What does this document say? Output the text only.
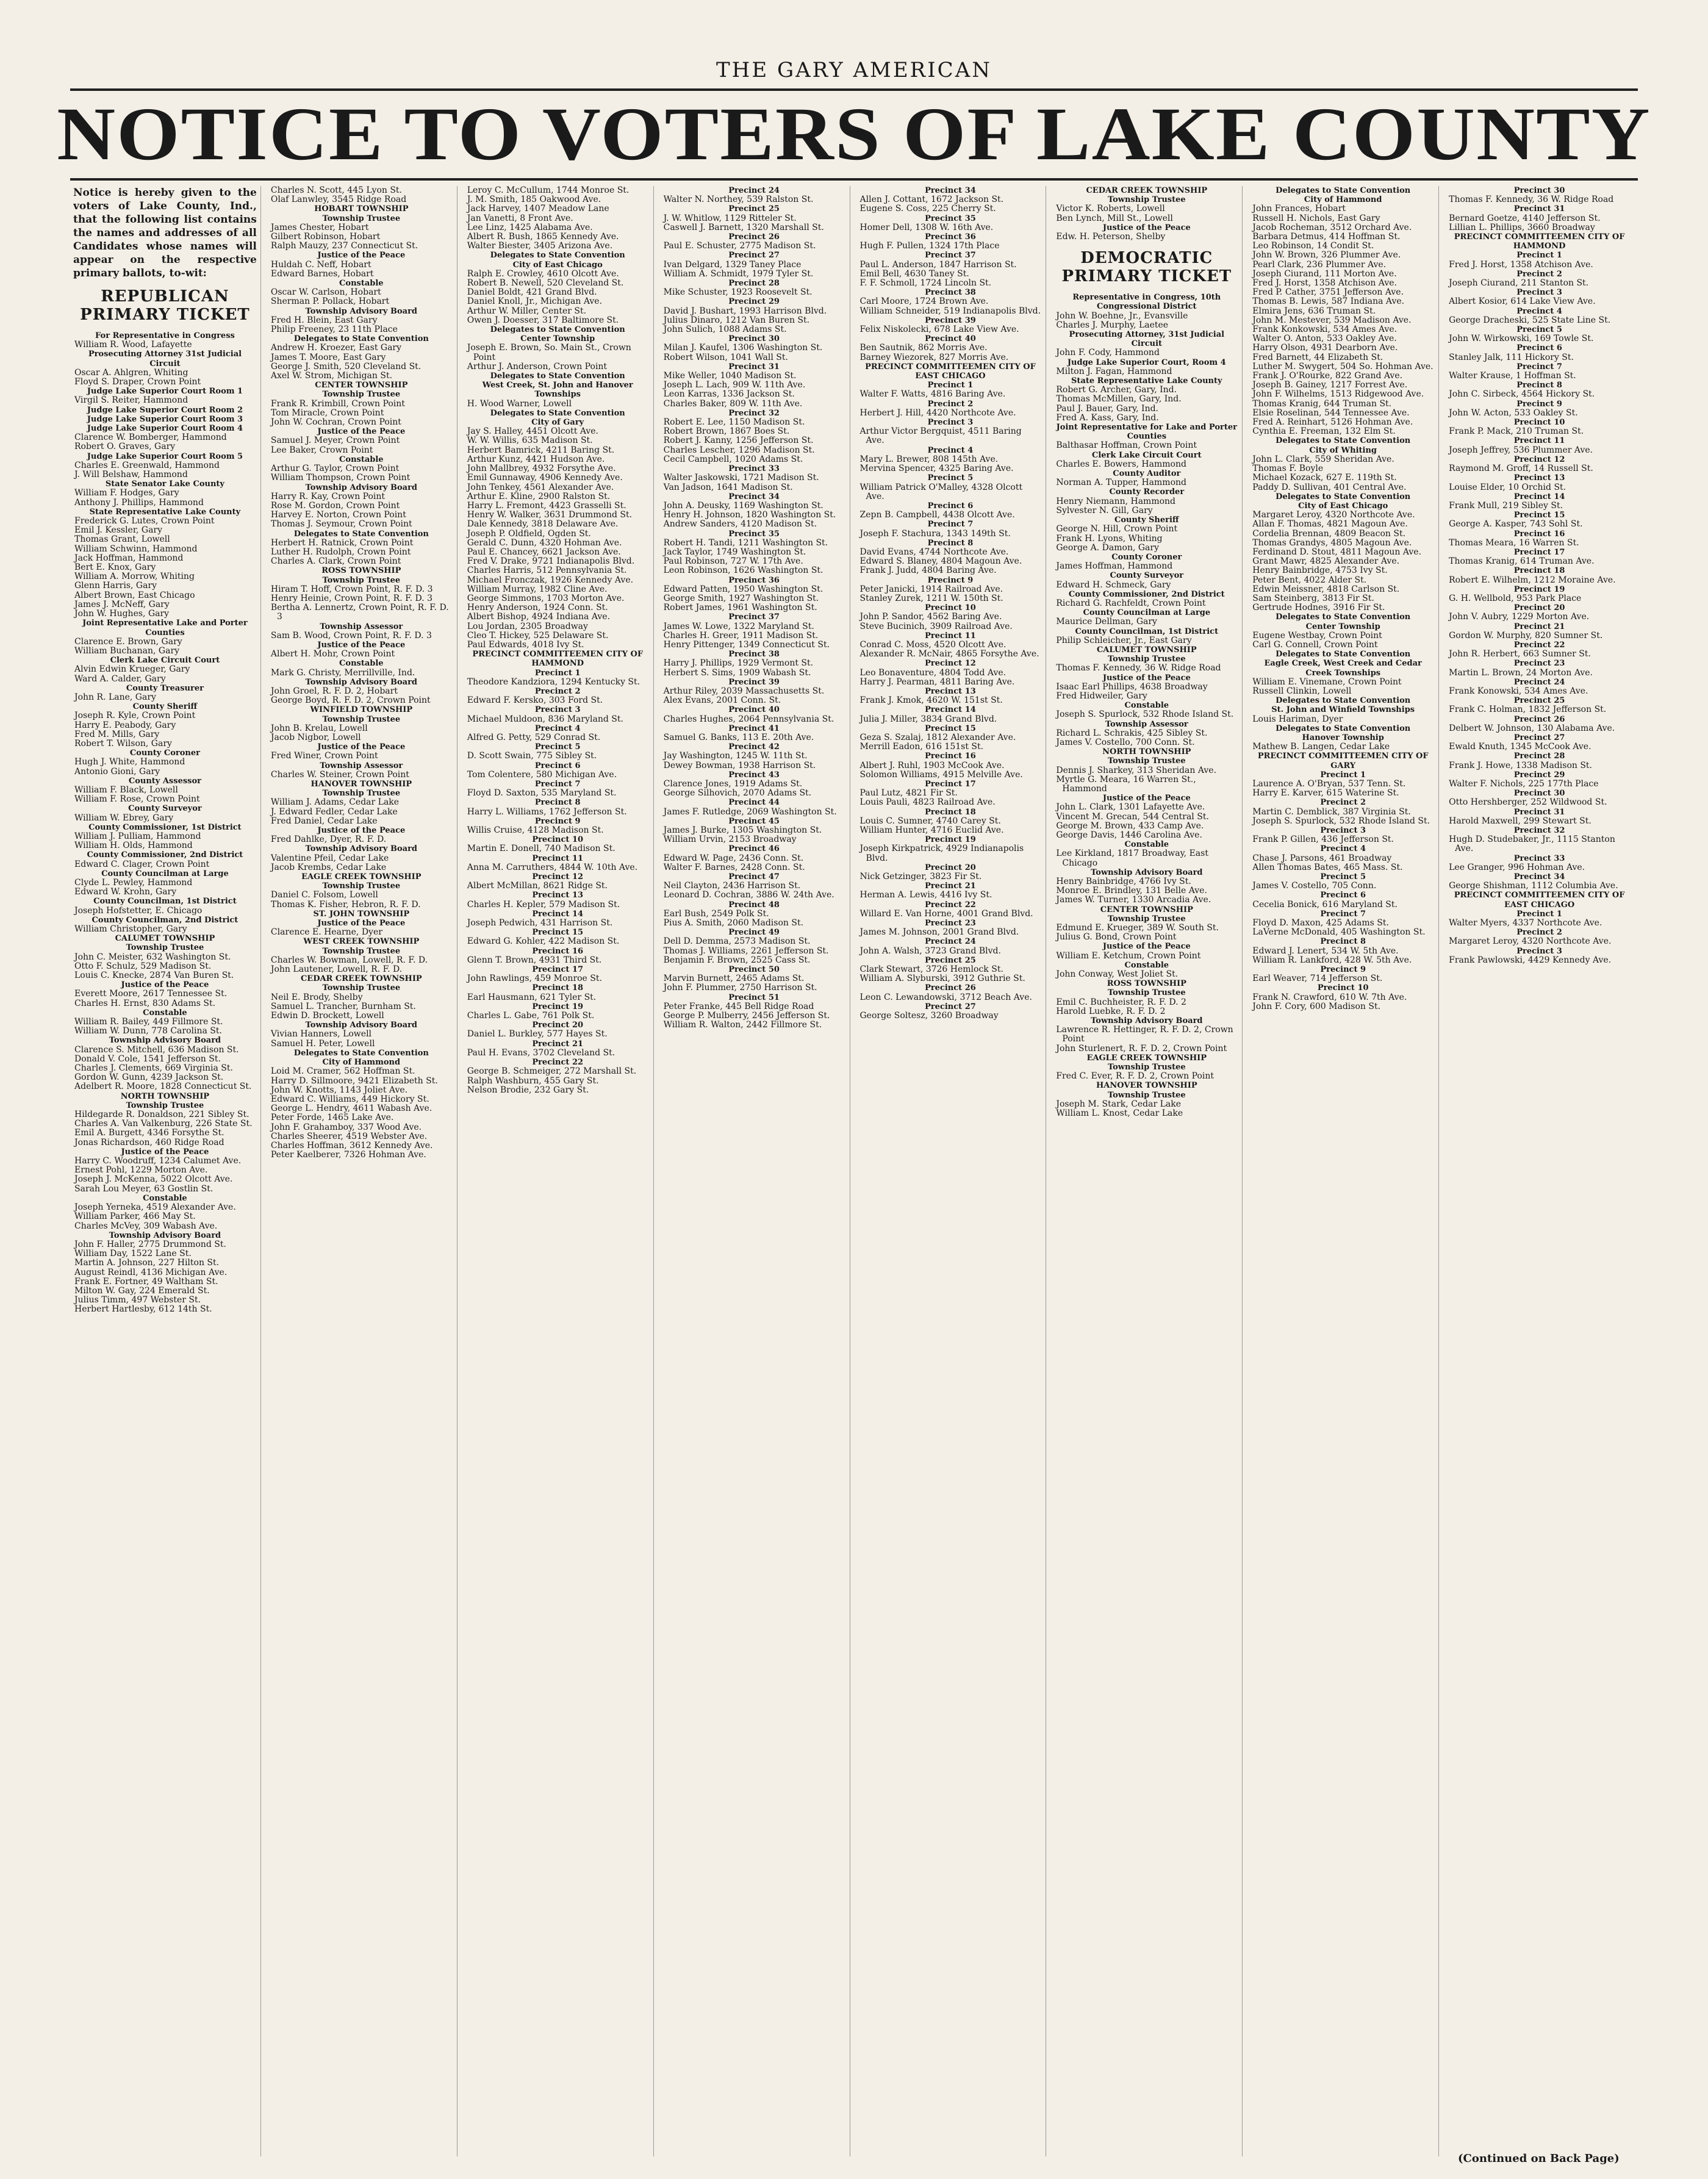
THE GARY AMERICAN
NOTICE TO VOTERS OF LAKE COUNTY

Notice is hereby given to the voters of Lake County, Ind., that the following list contains the names and addresses of all Candidates whose names will appear on the respective primary ballots, to-wit:

REPUBLICAN PRIMARY TICKET

For Representative in Congress

William R. Wood, Lafayette

Prosecuting Attorney 31st Judicial Circuit

Oscar A. Ahlgren, Whiting

Floyd S. Draper, Crown Point

Judge Lake Superior Court Room 1

Virgil S. Reiter, Hammond

Judge Lake Superior Court Room 2

Judge Lake Superior Court Room 3

Judge Lake Superior Court Room 4

Clarence W. Bomberger, Hammond

Robert O. Graves, Gary

Judge Lake Superior Court Room 5

Charles E. Greenwald, Hammond

J. Will Belshaw, Hammond

State Senator Lake County

William F. Hodges, Gary

Anthony J. Phillips, Hammond

State Representative Lake County

Frederick G. Lutes, Crown Point

Emil J. Kessler, Gary

Thomas Grant, Lowell

William Schwinn, Hammond

Jack Hoffman, Hammond

Bert E. Knox, Gary

William A. Morrow, Whiting

Glenn Harris, Gary

Albert Brown, East Chicago

James J. McNeff, Gary

John W. Hughes, Gary

Joint Representative Lake and Porter Counties

Clarence E. Brown, Gary

William Buchanan, Gary

Clerk Lake Circuit Court

Alvin Edwin Krueger, Gary

Ward A. Calder, Gary

County Treasurer

John R. Lane, Gary

County Sheriff

Joseph R. Kyle, Crown Point

Harry E. Peabody, Gary

Fred M. Mills, Gary

Robert T. Wilson, Gary

County Coroner

Hugh J. White, Hammond

Antonio Gioni, Gary

County Assessor

William F. Black, Lowell

William F. Rose, Crown Point

County Surveyor

William W. Ebrey, Gary

County Commissioner, 1st District

William J. Pulliam, Hammond

William H. Olds, Hammond

County Commissioner, 2nd District

Edward C. Clager, Crown Point

County Councilman at Large

Clyde L. Pewley, Hammond

Edward W. Krohn, Gary

County Councilman, 1st District

Joseph Hofstetter, E. Chicago

County Councilman, 2nd District

William Christopher, Gary

CALUMET TOWNSHIP

Township Trustee

John C. Meister, 632 Washington St.

Otto F. Schulz, 529 Madison St.

Louis C. Knecke, 2874 Van Buren St.

Justice of the Peace

Everett Moore, 2617 Tennessee St.

Charles H. Ernst, 830 Adams St.

Constable

William R. Bailey, 449 Fillmore St.

William W. Dunn, 778 Carolina St.

Township Advisory Board

Clarence S. Mitchell, 636 Madison St.

Donald V. Cole, 1541 Jefferson St.

Charles J. Clements, 669 Virginia St.

Gordon W. Gunn, 4239 Jackson St.

Adelbert R. Moore, 1828 Connecticut St.

NORTH TOWNSHIP

Township Trustee

Hildegarde R. Donaldson, 221 Sibley St.

Charles A. Van Valkenburg, 226 State St.

Emil A. Burgett, 4346 Forsythe St.

Jonas Richardson, 460 Ridge Road

Justice of the Peace

Harry C. Woodruff, 1234 Calumet Ave.

Ernest Pohl, 1229 Morton Ave.

Joseph J. McKenna, 5022 Olcott Ave.

Sarah Lou Meyer, 63 Gostlin St.

Constable

Joseph Yerneka, 4519 Alexander Ave.

William Parker, 466 May St.

Charles McVey, 309 Wabash Ave.

Township Advisory Board

John F. Haller, 2775 Drummond St.

William Day, 1522 Lane St.

Martin A. Johnson, 227 Hilton St.

August Reindl, 4136 Michigan Ave.

Frank E. Fortner, 49 Waltham St.

Milton W. Gay, 224 Emerald St.

Julius Timm, 497 Webster St.

Herbert Hartlesby, 612 14th St.

Charles N. Scott, 445 Lyon St.

Olaf Lanwley, 3545 Ridge Road

HOBART TOWNSHIP

Township Trustee

James Chester, Hobart

Gilbert Robinson, Hobart

Ralph Mauzy, 237 Connecticut St.

Justice of the Peace

Huldah C. Neff, Hobart

Edward Barnes, Hobart

Constable

Oscar W. Carlson, Hobart

Sherman P. Pollack, Hobart

Township Advisory Board

Fred H. Blein, East Gary

Philip Freeney, 23 11th Place

Delegates to State Convention

Andrew H. Kroezer, East Gary

James T. Moore, East Gary

George J. Smith, 520 Cleveland St.

Axel W. Strom, Michigan St.

CENTER TOWNSHIP

Township Trustee

Frank R. Krimbill, Crown Point

Tom Miracle, Crown Point

John W. Cochran, Crown Point

Justice of the Peace

Samuel J. Meyer, Crown Point

Lee Baker, Crown Point

Constable

Arthur G. Taylor, Crown Point

William Thompson, Crown Point

Township Advisory Board

Harry R. Kay, Crown Point

Rose M. Gordon, Crown Point

Harvey E. Norton, Crown Point

Thomas J. Seymour, Crown Point

Delegates to State Convention

Herbert H. Ratnick, Crown Point

Luther H. Rudolph, Crown Point

Charles A. Clark, Crown Point

ROSS TOWNSHIP

Township Trustee

Hiram T. Hoff, Crown Point, R. F. D. 3

Henry Heinie, Crown Point, R. F. D. 3

Bertha A. Lennertz, Crown Point, R. F. D. 3

Township Assessor

Sam B. Wood, Crown Point, R. F. D. 3

Justice of the Peace

Albert H. Mohr, Crown Point

Constable

Mark G. Christy, Merrillville, Ind.

Township Advisory Board

John Groel, R. F. D. 2, Hobart

George Boyd, R. F. D. 2, Crown Point

WINFIELD TOWNSHIP

Township Trustee

John B. Krelau, Lowell

Jacob Nigbor, Lowell

Justice of the Peace

Fred Winer, Crown Point

Township Assessor

Charles W. Steiner, Crown Point

HANOVER TOWNSHIP

Township Trustee

William J. Adams, Cedar Lake

J. Edward Fedler, Cedar Lake

Fred Daniel, Cedar Lake

Justice of the Peace

Fred Dahlke, Dyer, R. F. D.

Township Advisory Board

Valentine Pfeil, Cedar Lake

Jacob Krembs, Cedar Lake

EAGLE CREEK TOWNSHIP

Township Trustee

Daniel C. Folsom, Lowell

Thomas K. Fisher, Hebron, R. F. D.

ST. JOHN TOWNSHIP

Justice of the Peace

Clarence E. Hearne, Dyer

WEST CREEK TOWNSHIP

Township Trustee

Charles W. Bowman, Lowell, R. F. D.

John Lautener, Lowell, R. F. D.

CEDAR CREEK TOWNSHIP

Township Trustee

Neil E. Brody, Shelby

Samuel L. Trancher, Burnham St.

Edwin D. Brockett, Lowell

Township Advisory Board

Vivian Hanners, Lowell

Samuel H. Peter, Lowell

Delegates to State Convention

City of Hammond

Loid M. Cramer, 562 Hoffman St.

Harry D. Sillmoore, 9421 Elizabeth St.

John W. Knotts, 1143 Joliet Ave.

Edward C. Williams, 449 Hickory St.

George L. Hendry, 4611 Wabash Ave.

Peter Forde, 1465 Lake Ave.

John F. Grahamboy, 337 Wood Ave.

Charles Sheerer, 4519 Webster Ave.

Charles Hoffman, 3612 Kennedy Ave.

Peter Kaelberer, 7326 Hohman Ave.

Leroy C. McCullum, 1744 Monroe St.

J. M. Smith, 185 Oakwood Ave.

Jack Harvey, 1407 Meadow Lane

Jan Vanetti, 8 Front Ave.

Lee Linz, 1425 Alabama Ave.

Albert R. Bush, 1865 Kennedy Ave.

Walter Biester, 3405 Arizona Ave.

Delegates to State Convention

City of East Chicago

Ralph E. Crowley, 4610 Olcott Ave.

Robert B. Newell, 520 Cleveland St.

Daniel Boldt, 421 Grand Blvd.

Daniel Knoll, Jr., Michigan Ave.

Arthur W. Miller, Center St.

Owen J. Doesser, 317 Baltimore St.

Delegates to State Convention

Center Township

Joseph E. Brown, So. Main St., Crown Point

Arthur J. Anderson, Crown Point

Delegates to State Convention

West Creek, St. John and Hanover Townships

H. Wood Warner, Lowell

Delegates to State Convention

City of Gary

Jay S. Halley, 4451 Olcott Ave.

W. W. Willis, 635 Madison St.

Herbert Bamrick, 4211 Baring St.

Arthur Kunz, 4421 Hudson Ave.

John Mallbrey, 4932 Forsythe Ave.

Emil Gunnaway, 4906 Kennedy Ave.

John Tenkey, 4561 Alexander Ave.

Arthur E. Kline, 2900 Ralston St.

Harry L. Fremont, 4423 Grasselli St.

Henry W. Walker, 3631 Drummond St.

Dale Kennedy, 3818 Delaware Ave.

Joseph P. Oldfield, Ogden St.

Gerald C. Dunn, 4320 Hohman Ave.

Paul E. Chancey, 6621 Jackson Ave.

Fred V. Drake, 9721 Indianapolis Blvd.

Charles Harris, 512 Pennsylvania St.

Michael Fronczak, 1926 Kennedy Ave.

William Murray, 1982 Cline Ave.

George Simmons, 1703 Morton Ave.

Henry Anderson, 1924 Conn. St.

Albert Bishop, 4924 Indiana Ave.

Lou Jordan, 2305 Broadway

Cleo T. Hickey, 525 Delaware St.

Paul Edwards, 4018 Ivy St.

PRECINCT COMMITTEEMEN CITY OF HAMMOND

Precinct 1

Theodore Kandziora, 1294 Kentucky St.

Precinct 2

Edward F. Kersko, 303 Ford St.

Precinct 3

Michael Muldoon, 836 Maryland St.

Precinct 4

Alfred G. Petty, 529 Conrad St.

Precinct 5

D. Scott Swain, 775 Sibley St.

Precinct 6

Tom Colentere, 580 Michigan Ave.

Precinct 7

Floyd D. Saxton, 535 Maryland St.

Precinct 8

Harry L. Williams, 1762 Jefferson St.

Precinct 9

Willis Cruise, 4128 Madison St.

Precinct 10

Martin E. Donell, 740 Madison St.

Precinct 11

Anna M. Carruthers, 4844 W. 10th Ave.

Precinct 12

Albert McMillan, 8621 Ridge St.

Precinct 13

Charles H. Kepler, 579 Madison St.

Precinct 14

Joseph Pedwich, 431 Harrison St.

Precinct 15

Edward G. Kohler, 422 Madison St.

Precinct 16

Glenn T. Brown, 4931 Third St.

Precinct 17

John Rawlings, 459 Monroe St.

Precinct 18

Earl Hausmann, 621 Tyler St.

Precinct 19

Charles L. Gabe, 761 Polk St.

Precinct 20

Daniel L. Burkley, 577 Hayes St.

Precinct 21

Paul H. Evans, 3702 Cleveland St.

Precinct 22

George B. Schmeiger, 272 Marshall St.

Ralph Washburn, 455 Gary St.

Nelson Brodie, 232 Gary St.

Precinct 24

Walter N. Northey, 539 Ralston St.

Precinct 25

J. W. Whitlow, 1129 Ritteler St.

Caswell J. Barnett, 1320 Marshall St.

Precinct 26

Paul E. Schuster, 2775 Madison St.

Precinct 27

Ivan Delgard, 1329 Taney Place

William A. Schmidt, 1979 Tyler St.

Precinct 28

Mike Schuster, 1923 Roosevelt St.

Precinct 29

David J. Bushart, 1993 Harrison Blvd.

Julius Dinaro, 1212 Van Buren St.

John Sulich, 1088 Adams St.

Precinct 30

Milan J. Kaufel, 1306 Washington St.

Robert Wilson, 1041 Wall St.

Precinct 31

Mike Weller, 1040 Madison St.

Joseph L. Lach, 909 W. 11th Ave.

Leon Karras, 1336 Jackson St.

Charles Baker, 809 W. 11th Ave.

Precinct 32

Robert E. Lee, 1150 Madison St.

Robert Brown, 1867 Boes St.

Robert J. Kanny, 1256 Jefferson St.

Charles Lescher, 1296 Madison St.

Cecil Campbell, 1020 Adams St.

Precinct 33

Walter Jaskowski, 1721 Madison St.

Van Jadson, 1641 Madison St.

Precinct 34

John A. Deusky, 1169 Washington St.

Henry H. Johnson, 1820 Washington St.

Andrew Sanders, 4120 Madison St.

Precinct 35

Robert H. Tandi, 1211 Washington St.

Jack Taylor, 1749 Washington St.

Paul Robinson, 727 W. 17th Ave.

Leon Robinson, 1626 Washington St.

Precinct 36

Edward Patten, 1950 Washington St.

George Smith, 1927 Washington St.

Robert James, 1961 Washington St.

Precinct 37

James W. Lowe, 1322 Maryland St.

Charles H. Greer, 1911 Madison St.

Henry Pittenger, 1349 Connecticut St.

Precinct 38

Harry J. Phillips, 1929 Vermont St.

Herbert S. Sims, 1909 Wabash St.

Precinct 39

Arthur Riley, 2039 Massachusetts St.

Alex Evans, 2001 Conn. St.

Precinct 40

Charles Hughes, 2064 Pennsylvania St.

Precinct 41

Samuel G. Banks, 113 E. 20th Ave.

Precinct 42

Jay Washington, 1245 W. 11th St.

Dewey Bowman, 1938 Harrison St.

Precinct 43

Clarence Jones, 1919 Adams St.

George Silhovich, 2070 Adams St.

Precinct 44

James F. Rutledge, 2069 Washington St.

Precinct 45

James J. Burke, 1305 Washington St.

William Urvin, 2153 Broadway

Precinct 46

Edward W. Page, 2436 Conn. St.

Walter F. Barnes, 2428 Conn. St.

Precinct 47

Neil Clayton, 2436 Harrison St.

Leonard D. Cochran, 3886 W. 24th Ave.

Precinct 48

Earl Bush, 2549 Polk St.

Pius A. Smith, 2060 Madison St.

Precinct 49

Dell D. Demma, 2573 Madison St.

Thomas J. Williams, 2261 Jefferson St.

Benjamin F. Brown, 2525 Cass St.

Precinct 50

Marvin Burnett, 2465 Adams St.

John F. Plummer, 2750 Harrison St.

Precinct 51

Peter Franke, 445 Bell Ridge Road

George P. Mulberry, 2456 Jefferson St.

William R. Walton, 2442 Fillmore St.

Precinct 34

Allen J. Cottant, 1672 Jackson St.

Eugene S. Coss, 225 Cherry St.

Precinct 35

Homer Dell, 1308 W. 16th Ave.

Precinct 36

Hugh F. Pullen, 1324 17th Place

Precinct 37

Paul L. Anderson, 1847 Harrison St.

Emil Bell, 4630 Taney St.

F. F. Schmoll, 1724 Lincoln St.

Precinct 38

Carl Moore, 1724 Brown Ave.

William Schneider, 519 Indianapolis Blvd.

Precinct 39

Felix Niskolecki, 678 Lake View Ave.

Precinct 40

Ben Sautnik, 862 Morris Ave.

Barney Wiezorek, 827 Morris Ave.

PRECINCT COMMITTEEMEN CITY OF EAST CHICAGO

Precinct 1

Walter F. Watts, 4816 Baring Ave.

Precinct 2

Herbert J. Hill, 4420 Northcote Ave.

Precinct 3

Arthur Victor Bergquist, 4511 Baring Ave.

Precinct 4

Mary L. Brewer, 808 145th Ave.

Mervina Spencer, 4325 Baring Ave.

Precinct 5

William Patrick O'Malley, 4328 Olcott Ave.

Precinct 6

Zepn B. Campbell, 4438 Olcott Ave.

Precinct 7

Joseph F. Stachura, 1343 149th St.

Precinct 8

David Evans, 4744 Northcote Ave.

Edward S. Blaney, 4804 Magoun Ave.

Frank J. Judd, 4804 Baring Ave.

Precinct 9

Peter Janicki, 1914 Railroad Ave.

Stanley Zurek, 1211 W. 150th St.

Precinct 10

John P. Sandor, 4562 Baring Ave.

Steve Bucinich, 3909 Railroad Ave.

Precinct 11

Conrad C. Moss, 4520 Olcott Ave.

Alexander R. McNair, 4865 Forsythe Ave.

Precinct 12

Leo Bonaventure, 4804 Todd Ave.

Harry J. Pearman, 4811 Baring Ave.

Precinct 13

Frank J. Kmok, 4620 W. 151st St.

Precinct 14

Julia J. Miller, 3834 Grand Blvd.

Precinct 15

Geza S. Szalaj, 1812 Alexander Ave.

Merrill Eadon, 616 151st St.

Precinct 16

Albert J. Ruhl, 1903 McCook Ave.

Solomon Williams, 4915 Melville Ave.

Precinct 17

Paul Lutz, 4821 Fir St.

Louis Pauli, 4823 Railroad Ave.

Precinct 18

Louis C. Sumner, 4740 Carey St.

William Hunter, 4716 Euclid Ave.

Precinct 19

Joseph Kirkpatrick, 4929 Indianapolis Blvd.

Precinct 20

Nick Getzinger, 3823 Fir St.

Precinct 21

Herman A. Lewis, 4416 Ivy St.

Precinct 22

Willard E. Van Horne, 4001 Grand Blvd.

Precinct 23

James M. Johnson, 2001 Grand Blvd.

Precinct 24

John A. Walsh, 3723 Grand Blvd.

Precinct 25

Clark Stewart, 3726 Hemlock St.

William A. Slyburski, 3912 Guthrie St.

Precinct 26

Leon C. Lewandowski, 3712 Beach Ave.

Precinct 27

George Soltesz, 3260 Broadway

CEDAR CREEK TOWNSHIP

Township Trustee

Victor K. Roberts, Lowell

Ben Lynch, Mill St., Lowell

Justice of the Peace

Edw. H. Peterson, Shelby

DEMOCRATIC PRIMARY TICKET

Representative in Congress, 10th Congressional District

John W. Boehne, Jr., Evansville

Charles J. Murphy, Laetee

Prosecuting Attorney, 31st Judicial Circuit

John F. Cody, Hammond

Judge Lake Superior Court, Room 4

Milton J. Fagan, Hammond

State Representative Lake County

Robert G. Archer, Gary, Ind.

Thomas McMillen, Gary, Ind.

Paul J. Bauer, Gary, Ind.

Fred A. Kass, Gary, Ind.

Joint Representative for Lake and Porter Counties

Balthasar Hoffman, Crown Point

Clerk Lake Circuit Court

Charles E. Bowers, Hammond

County Auditor

Norman A. Tupper, Hammond

County Recorder

Henry Niemann, Hammond

Sylvester N. Gill, Gary

County Sheriff

George N. Hill, Crown Point

Frank H. Lyons, Whiting

George A. Damon, Gary

County Coroner

James Hoffman, Hammond

County Surveyor

Edward H. Schmeck, Gary

County Commissioner, 2nd District

Richard G. Rachfeldt, Crown Point

County Councilman at Large

Maurice Dellman, Gary

County Councilman, 1st District

Philip Schleicher, Jr., East Gary

CALUMET TOWNSHIP

Township Trustee

Thomas F. Kennedy, 36 W. Ridge Road

Justice of the Peace

Isaac Earl Phillips, 4638 Broadway

Fred Hidweiler, Gary

Constable

Joseph S. Spurlock, 532 Rhode Island St.

Township Assessor

Richard L. Schrakis, 425 Sibley St.

James V. Costello, 700 Conn. St.

NORTH TOWNSHIP

Township Trustee

Dennis J. Sharkey, 313 Sheridan Ave.

Myrtle G. Meara, 16 Warren St., Hammond

Justice of the Peace

John L. Clark, 1301 Lafayette Ave.

Vincent M. Grecan, 544 Central St.

George M. Brown, 433 Camp Ave.

George Davis, 1446 Carolina Ave.

Constable

Lee Kirkland, 1817 Broadway, East Chicago

Township Advisory Board

Henry Bainbridge, 4766 Ivy St.

Monroe E. Brindley, 131 Belle Ave.

James W. Turner, 1330 Arcadia Ave.

CENTER TOWNSHIP

Township Trustee

Edmund E. Krueger, 389 W. South St.

Julius G. Bond, Crown Point

Justice of the Peace

William E. Ketchum, Crown Point

Constable

John Conway, West Joliet St.

ROSS TOWNSHIP

Township Trustee

Emil C. Buchheister, R. F. D. 2

Harold Luebke, R. F. D. 2

Township Advisory Board

Lawrence R. Hettinger, R. F. D. 2, Crown Point

John Sturlenert, R. F. D. 2, Crown Point

EAGLE CREEK TOWNSHIP

Township Trustee

Fred C. Ever, R. F. D. 2, Crown Point

HANOVER TOWNSHIP

Township Trustee

Joseph M. Stark, Cedar Lake

William L. Knost, Cedar Lake

Delegates to State Convention

City of Hammond

John Frances, Hobart

Russell H. Nichols, East Gary

Jacob Rocheman, 3512 Orchard Ave.

Barbara Detmus, 414 Hoffman St.

Leo Robinson, 14 Condit St.

John W. Brown, 326 Plummer Ave.

Pearl Clark, 236 Plummer Ave.

Joseph Ciurand, 111 Morton Ave.

Fred J. Horst, 1358 Atchison Ave.

Fred P. Cather, 3751 Jefferson Ave.

Thomas B. Lewis, 587 Indiana Ave.

Elmira Jens, 636 Truman St.

John M. Mestever, 539 Madison Ave.

Frank Konkowski, 534 Ames Ave.

Walter O. Anton, 533 Oakley Ave.

Harry Olson, 4931 Dearborn Ave.

Fred Barnett, 44 Elizabeth St.

Luther M. Swygert, 504 So. Hohman Ave.

Frank J. O'Rourke, 822 Grand Ave.

Joseph B. Gainey, 1217 Forrest Ave.

John F. Wilhelms, 1513 Ridgewood Ave.

Thomas Kranig, 644 Truman St.

Elsie Roselinan, 544 Tennessee Ave.

Fred A. Reinhart, 5126 Hohman Ave.

Cynthia E. Freeman, 132 Elm St.

Delegates to State Convention

City of Whiting

John L. Clark, 559 Sheridan Ave.

Thomas F. Boyle

Michael Kozack, 627 E. 119th St.

Paddy D. Sullivan, 401 Central Ave.

Delegates to State Convention

City of East Chicago

Margaret Leroy, 4320 Northcote Ave.

Allan F. Thomas, 4821 Magoun Ave.

Cordelia Brennan, 4809 Beacon St.

Thomas Grandys, 4805 Magoun Ave.

Ferdinand D. Stout, 4811 Magoun Ave.

Grant Mawr, 4825 Alexander Ave.

Henry Bainbridge, 4753 Ivy St.

Peter Bent, 4022 Alder St.

Edwin Meissner, 4818 Carlson St.

Sam Steinberg, 3813 Fir St.

Gertrude Hodnes, 3916 Fir St.

Delegates to State Convention

Center Township

Eugene Westbay, Crown Point

Carl G. Connell, Crown Point

Delegates to State Convention

Eagle Creek, West Creek and Cedar Creek Townships

William E. Vinemane, Crown Point

Russell Clinkin, Lowell

Delegates to State Convention

St. John and Winfield Townships

Louis Hariman, Dyer

Delegates to State Convention

Hanover Township

Mathew B. Langen, Cedar Lake

PRECINCT COMMITTEEMEN CITY OF GARY

Precinct 1

Laurence A. O'Bryan, 537 Tenn. St.

Harry E. Karver, 615 Waterine St.

Precinct 2

Martin C. Demblick, 387 Virginia St.

Joseph S. Spurlock, 532 Rhode Island St.

Precinct 3

Frank P. Gillen, 436 Jefferson St.

Precinct 4

Chase J. Parsons, 461 Broadway

Allen Thomas Bates, 465 Mass. St.

Precinct 5

James V. Costello, 705 Conn.

Precinct 6

Cecelia Bonick, 616 Maryland St.

Precinct 7

Floyd D. Maxon, 425 Adams St.

LaVerne McDonald, 405 Washington St.

Precinct 8

Edward J. Lenert, 534 W. 5th Ave.

William R. Lankford, 428 W. 5th Ave.

Precinct 9

Earl Weaver, 714 Jefferson St.

Precinct 10

Frank N. Crawford, 610 W. 7th Ave.

John F. Cory, 600 Madison St.

Precinct 30

Thomas F. Kennedy, 36 W. Ridge Road

Precinct 31

Bernard Goetze, 4140 Jefferson St.

Lillian L. Phillips, 3660 Broadway

PRECINCT COMMITTEEMEN CITY OF HAMMOND

Precinct 1

Fred J. Horst, 1358 Atchison Ave.

Precinct 2

Joseph Ciurand, 211 Stanton St.

Precinct 3

Albert Kosior, 614 Lake View Ave.

Precinct 4

George Dracheski, 525 State Line St.

Precinct 5

John W. Wirkowski, 169 Towle St.

Precinct 6

Stanley Jalk, 111 Hickory St.

Precinct 7

Walter Krause, 1 Hoffman St.

Precinct 8

John C. Sirbeck, 4564 Hickory St.

Precinct 9

John W. Acton, 533 Oakley St.

Precinct 10

Frank P. Mack, 210 Truman St.

Precinct 11

Joseph Jeffrey, 536 Plummer Ave.

Precinct 12

Raymond M. Groff, 14 Russell St.

Precinct 13

Louise Elder, 10 Orchid St.

Precinct 14

Frank Mull, 219 Sibley St.

Precinct 15

George A. Kasper, 743 Sohl St.

Precinct 16

Thomas Meara, 16 Warren St.

Precinct 17

Thomas Kranig, 614 Truman Ave.

Precinct 18

Robert E. Wilhelm, 1212 Moraine Ave.

Precinct 19

G. H. Wellbold, 953 Park Place

Precinct 20

John V. Aubry, 1229 Morton Ave.

Precinct 21

Gordon W. Murphy, 820 Sumner St.

Precinct 22

John R. Herbert, 663 Sumner St.

Precinct 23

Martin L. Brown, 24 Morton Ave.

Precinct 24

Frank Konowski, 534 Ames Ave.

Precinct 25

Frank C. Holman, 1832 Jefferson St.

Precinct 26

Delbert W. Johnson, 130 Alabama Ave.

Precinct 27

Ewald Knuth, 1345 McCook Ave.

Precinct 28

Frank J. Howe, 1338 Madison St.

Precinct 29

Walter F. Nichols, 225 177th Place

Precinct 30

Otto Hershberger, 252 Wildwood St.

Precinct 31

Harold Maxwell, 299 Stewart St.

Precinct 32

Hugh D. Studebaker, Jr., 1115 Stanton Ave.

Precinct 33

Lee Granger, 996 Hohman Ave.

Precinct 34

George Shishman, 1112 Columbia Ave.

PRECINCT COMMITTEEMEN CITY OF EAST CHICAGO

Precinct 1

Walter Myers, 4337 Northcote Ave.

Precinct 2

Margaret Leroy, 4320 Northcote Ave.

Precinct 3

Frank Pawlowski, 4429 Kennedy Ave.

(Continued on Back Page)
